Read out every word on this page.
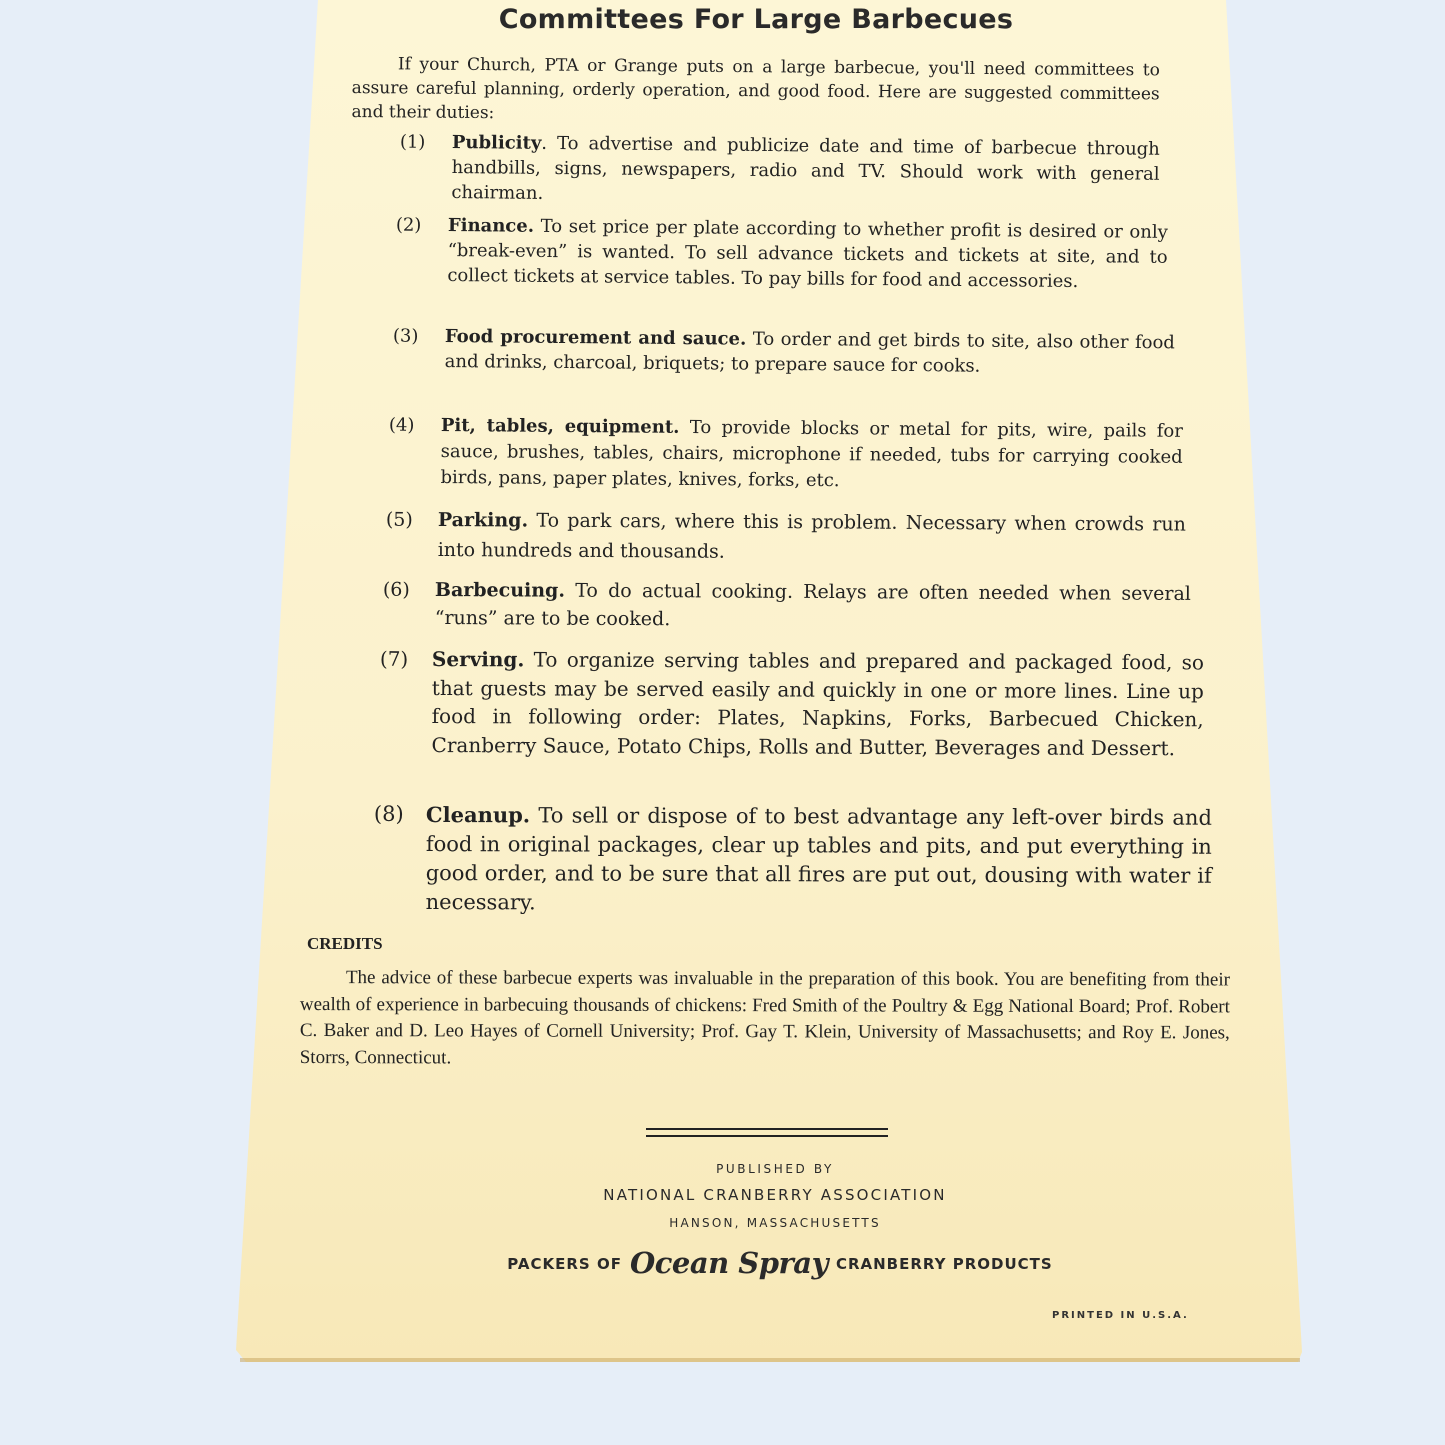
Committees For Large Barbecues
If your Church, PTA or Grange puts on a large barbecue, you'll need committees to assure careful planning, orderly operation, and good food. Here are suggested committees and their duties:
(1) Publicity. To advertise and publicize date and time of barbecue through handbills, signs, newspapers, radio and TV. Should work with general chairman.
(2) Finance. To set price per plate according to whether profit is desired or only “break-even” is wanted. To sell advance tickets and tickets at site, and to collect tickets at service tables. To pay bills for food and accessories.
(3) Food procurement and sauce. To order and get birds to site, also other food and drinks, charcoal, briquets; to prepare sauce for cooks.
(4) Pit, tables, equipment. To provide blocks or metal for pits, wire, pails for sauce, brushes, tables, chairs, microphone if needed, tubs for carrying cooked birds, pans, paper plates, knives, forks, etc.
(5) Parking. To park cars, where this is problem. Necessary when crowds run into hundreds and thousands.
(6) Barbecuing. To do actual cooking. Relays are often needed when several “runs” are to be cooked.
(7) Serving. To organize serving tables and prepared and packaged food, so that guests may be served easily and quickly in one or more lines. Line up food in following order: Plates, Napkins, Forks, Barbecued Chicken, Cranberry Sauce, Potato Chips, Rolls and Butter, Beverages and Dessert.
(8) Cleanup. To sell or dispose of to best advantage any left-over birds and food in original packages, clear up tables and pits, and put everything in good order, and to be sure that all fires are put out, dousing with water if necessary.
CREDITS
The advice of these barbecue experts was invaluable in the preparation of this book. You are benefiting from their wealth of experience in barbecuing thousands of chickens: Fred Smith of the Poultry & Egg National Board; Prof. Robert C. Baker and D. Leo Hayes of Cornell University; Prof. Gay T. Klein, University of Massachusetts; and Roy E. Jones, Storrs, Connecticut.
PUBLISHED BY
NATIONAL CRANBERRY ASSOCIATION
HANSON, MASSACHUSETTS
PACKERS OF Ocean Spray CRANBERRY PRODUCTS
PRINTED IN U.S.A.
